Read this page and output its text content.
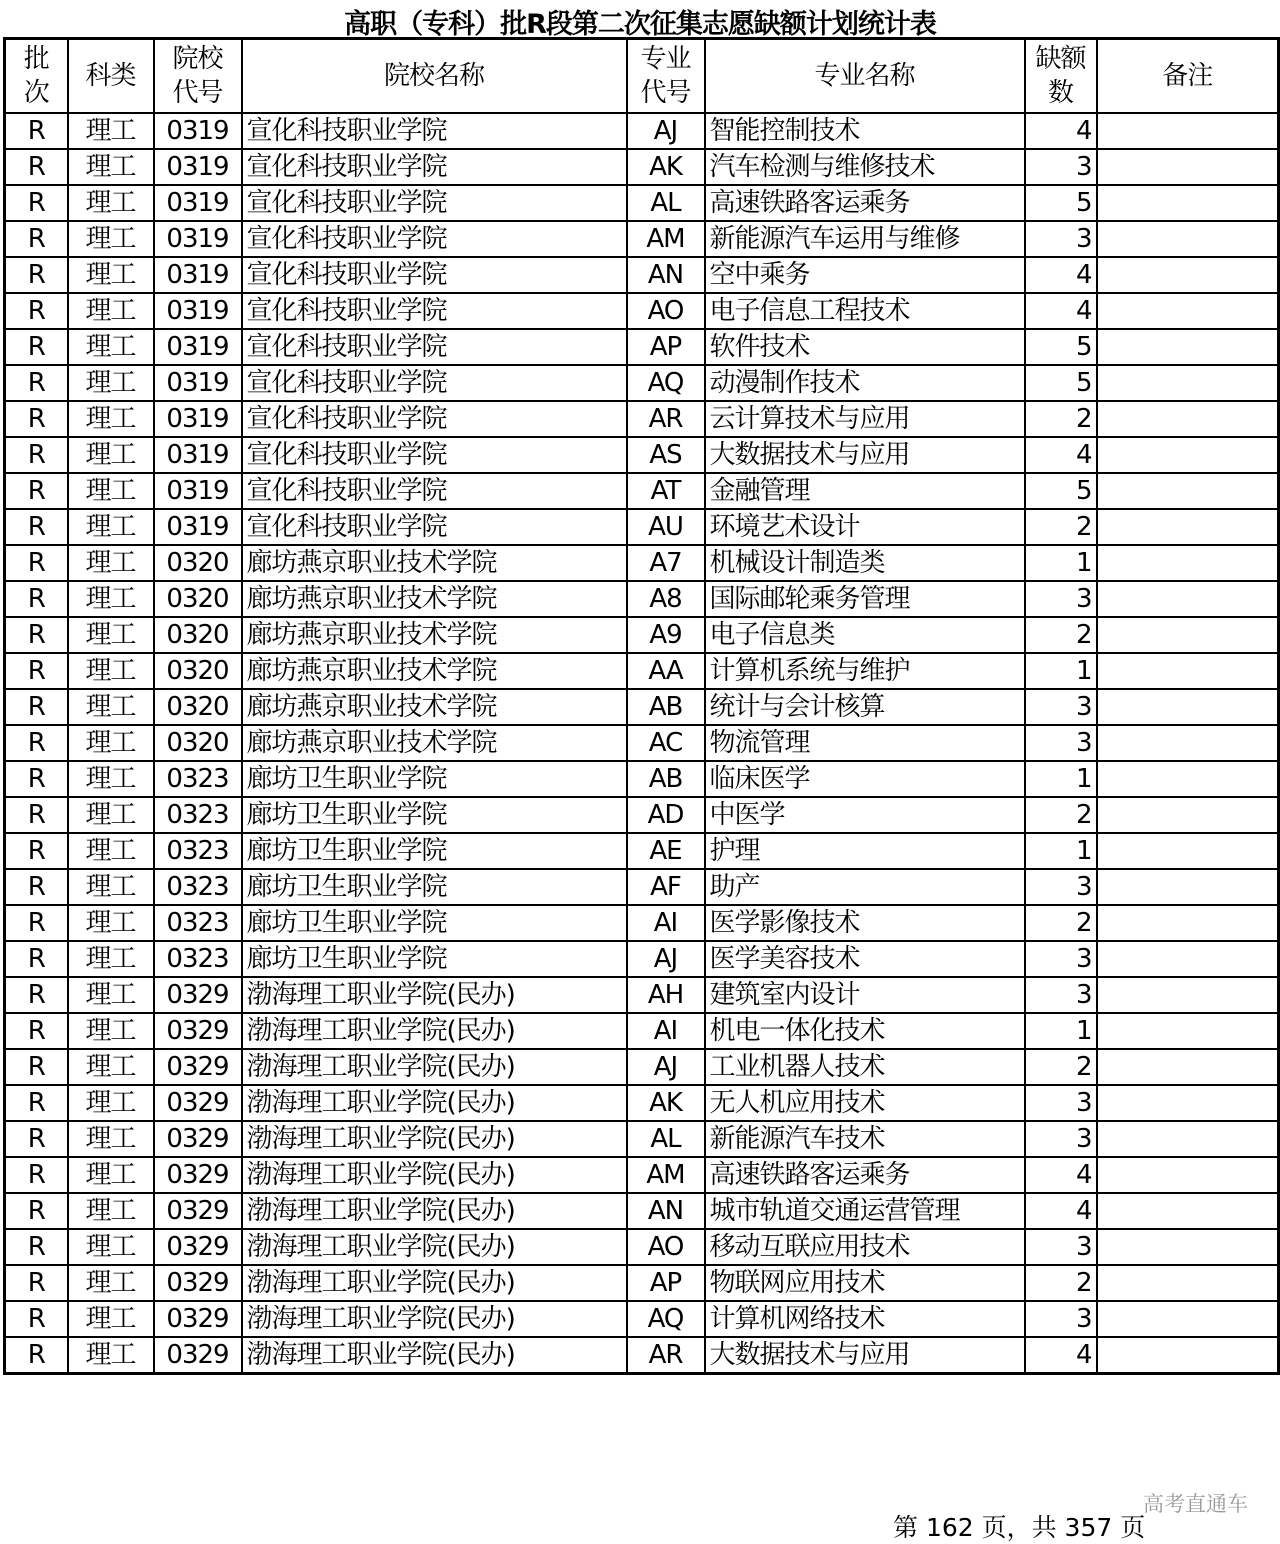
高职（专科）批R段第二次征集志愿缺额计划统计表
批次	科类	院校代号	院校名称	专业代号	专业名称	缺额数	备注
R	理工	0319	宣化科技职业学院	AJ	智能控制技术	4	
R	理工	0319	宣化科技职业学院	AK	汽车检测与维修技术	3	
R	理工	0319	宣化科技职业学院	AL	高速铁路客运乘务	5	
R	理工	0319	宣化科技职业学院	AM	新能源汽车运用与维修	3	
R	理工	0319	宣化科技职业学院	AN	空中乘务	4	
R	理工	0319	宣化科技职业学院	AO	电子信息工程技术	4	
R	理工	0319	宣化科技职业学院	AP	软件技术	5	
R	理工	0319	宣化科技职业学院	AQ	动漫制作技术	5	
R	理工	0319	宣化科技职业学院	AR	云计算技术与应用	2	
R	理工	0319	宣化科技职业学院	AS	大数据技术与应用	4	
R	理工	0319	宣化科技职业学院	AT	金融管理	5	
R	理工	0319	宣化科技职业学院	AU	环境艺术设计	2	
R	理工	0320	廊坊燕京职业技术学院	A7	机械设计制造类	1	
R	理工	0320	廊坊燕京职业技术学院	A8	国际邮轮乘务管理	3	
R	理工	0320	廊坊燕京职业技术学院	A9	电子信息类	2	
R	理工	0320	廊坊燕京职业技术学院	AA	计算机系统与维护	1	
R	理工	0320	廊坊燕京职业技术学院	AB	统计与会计核算	3	
R	理工	0320	廊坊燕京职业技术学院	AC	物流管理	3	
R	理工	0323	廊坊卫生职业学院	AB	临床医学	1	
R	理工	0323	廊坊卫生职业学院	AD	中医学	2	
R	理工	0323	廊坊卫生职业学院	AE	护理	1	
R	理工	0323	廊坊卫生职业学院	AF	助产	3	
R	理工	0323	廊坊卫生职业学院	AI	医学影像技术	2	
R	理工	0323	廊坊卫生职业学院	AJ	医学美容技术	3	
R	理工	0329	渤海理工职业学院(民办)	AH	建筑室内设计	3	
R	理工	0329	渤海理工职业学院(民办)	AI	机电一体化技术	1	
R	理工	0329	渤海理工职业学院(民办)	AJ	工业机器人技术	2	
R	理工	0329	渤海理工职业学院(民办)	AK	无人机应用技术	3	
R	理工	0329	渤海理工职业学院(民办)	AL	新能源汽车技术	3	
R	理工	0329	渤海理工职业学院(民办)	AM	高速铁路客运乘务	4	
R	理工	0329	渤海理工职业学院(民办)	AN	城市轨道交通运营管理	4	
R	理工	0329	渤海理工职业学院(民办)	AO	移动互联应用技术	3	
R	理工	0329	渤海理工职业学院(民办)	AP	物联网应用技术	2	
R	理工	0329	渤海理工职业学院(民办)	AQ	计算机网络技术	3	
R	理工	0329	渤海理工职业学院(民办)	AR	大数据技术与应用	4	
高考直通车
第 162 页，共 357 页
